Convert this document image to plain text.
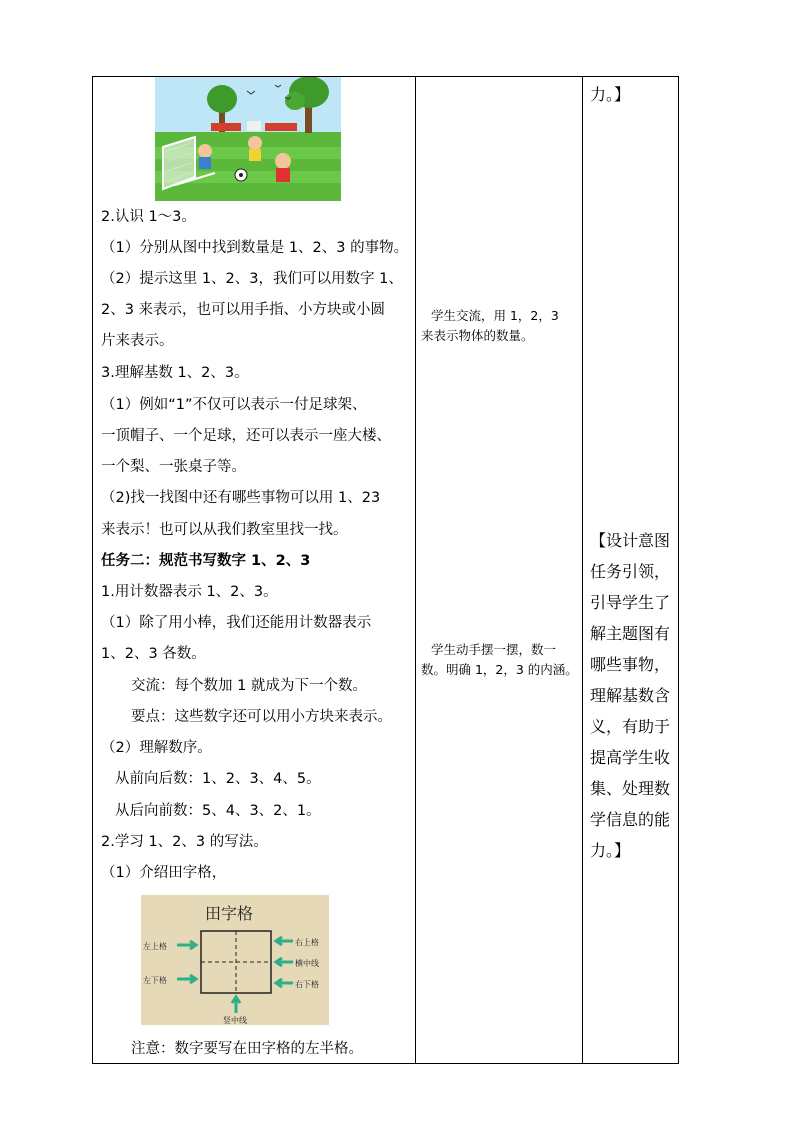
2.认识 1～3。
（1）分别从图中找到数量是 1、2、3 的事物。
（2）提示这里 1、2、3，我们可以用数字 1、
2、3 来表示，也可以用手指、小方块或小圆
片来表示。
3.理解基数 1、2、3。
（1）例如“1”不仅可以表示一付足球架、
一顶帽子、一个足球，还可以表示一座大楼、
一个梨、一张桌子等。
（2)找一找图中还有哪些事物可以用 1、23
来表示！也可以从我们教室里找一找。
任务二：规范书写数字 1、2、3
1.用计数器表示 1、2、3。
（1）除了用小棒，我们还能用计数器表示
1、2、3 各数。
交流：每个数加 1 就成为下一个数。
要点：这些数字还可以用小方块来表示。
（2）理解数序。
从前向后数：1、2、3、4、5。
从后向前数：5、4、3、2、1。
2.学习 1、2、3 的写法。
（1）介绍田字格，
田字格
左上格
左下格
右上格
横中线
右下格
竖中线
注意：数字要写在田字格的左半格。
学生交流，用 1，2，3
来表示物体的数量。
学生动手摆一摆，数一
数。明确 1，2，3 的内涵。
力。】
【设计意图
任务引领，
引导学生了
解主题图有
哪些事物，
理解基数含
义，有助于
提高学生收
集、处理数
学信息的能
力。】
